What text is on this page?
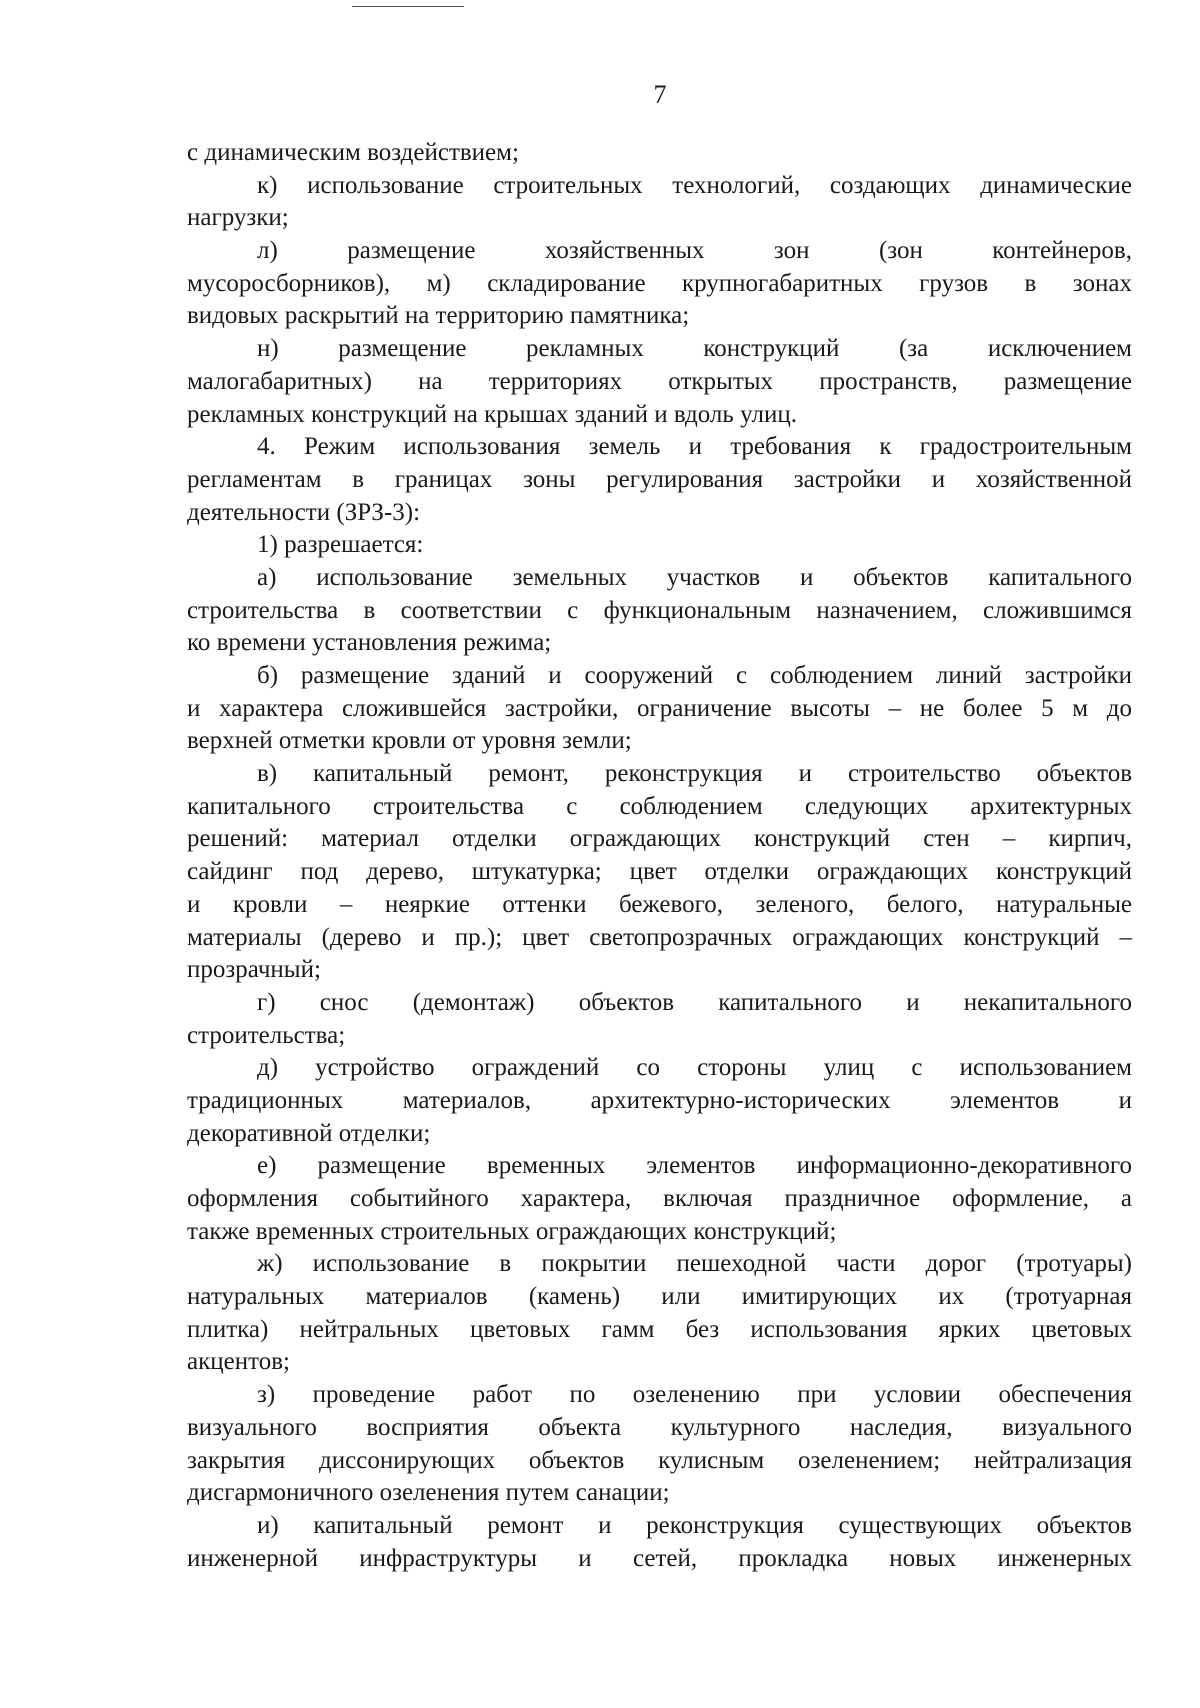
7
с динамическим воздействием;
к) использование строительных технологий, создающих динамические
нагрузки;
л) размещение хозяйственных зон (зон контейнеров,
мусоросборников), м) складирование крупногабаритных грузов в зонах
видовых раскрытий на территорию памятника;
н) размещение рекламных конструкций (за исключением
малогабаритных) на территориях открытых пространств, размещение
рекламных конструкций на крышах зданий и вдоль улиц.
4. Режим использования земель и требования к градостроительным
регламентам в границах зоны регулирования застройки и хозяйственной
деятельности (ЗРЗ-3):
1) разрешается:
а) использование земельных участков и объектов капитального
строительства в соответствии с функциональным назначением, сложившимся
ко времени установления режима;
б) размещение зданий и сооружений с соблюдением линий застройки
и характера сложившейся застройки, ограничение высоты – не более 5 м до
верхней отметки кровли от уровня земли;
в) капитальный ремонт, реконструкция и строительство объектов
капитального строительства с соблюдением следующих архитектурных
решений: материал отделки ограждающих конструкций стен – кирпич,
сайдинг под дерево, штукатурка; цвет отделки ограждающих конструкций
и кровли – неяркие оттенки бежевого, зеленого, белого, натуральные
материалы (дерево и пр.); цвет светопрозрачных ограждающих конструкций –
прозрачный;
г) снос (демонтаж) объектов капитального и некапитального
строительства;
д) устройство ограждений со стороны улиц с использованием
традиционных материалов, архитектурно-исторических элементов и
декоративной отделки;
е) размещение временных элементов информационно-декоративного
оформления событийного характера, включая праздничное оформление, а
также временных строительных ограждающих конструкций;
ж) использование в покрытии пешеходной части дорог (тротуары)
натуральных материалов (камень) или имитирующих их (тротуарная
плитка) нейтральных цветовых гамм без использования ярких цветовых
акцентов;
з) проведение работ по озеленению при условии обеспечения
визуального восприятия объекта культурного наследия, визуального
закрытия диссонирующих объектов кулисным озеленением; нейтрализация
дисгармоничного озеленения путем санации;
и) капитальный ремонт и реконструкция существующих объектов
инженерной инфраструктуры и сетей, прокладка новых инженерных
